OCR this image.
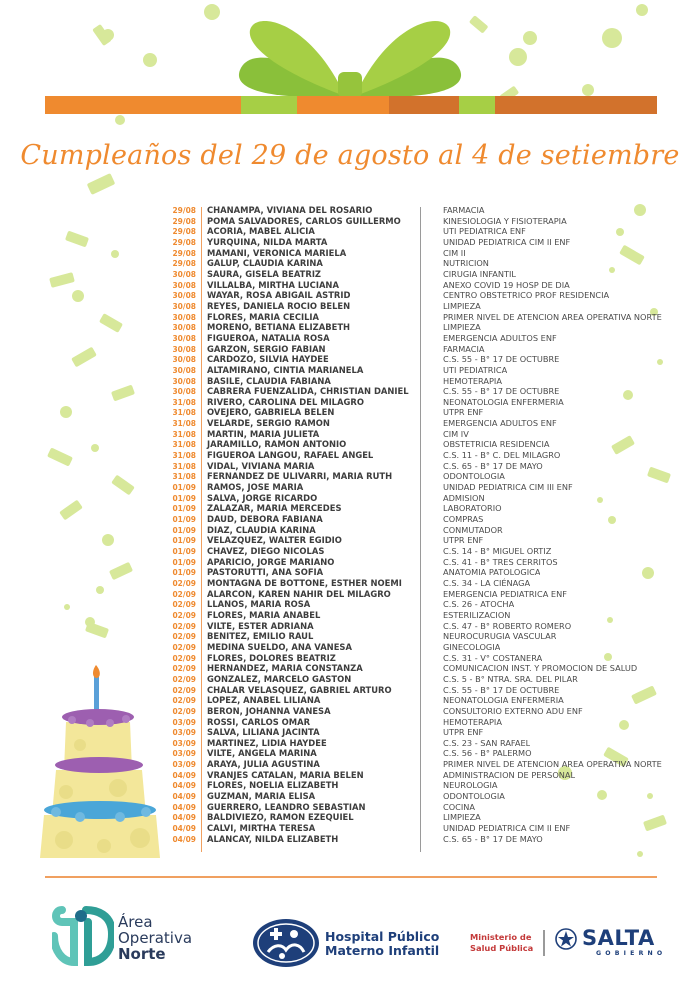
Cumpleaños del 29 de agosto al 4 de setiembre
29/08	CHANAMPA, VIVIANA DEL ROSARIO	FARMACIA
29/08	POMA SALVADORES, CARLOS GUILLERMO	KINESIOLOGIA Y FISIOTERAPIA
29/08	ACORIA, MABEL ALICIA	UTI PEDIATRICA ENF
29/08	YURQUINA, NILDA MARTA	UNIDAD PEDIATRICA CIM II ENF
29/08	MAMANI, VERONICA MARIELA	CIM II
29/08	GALUP, CLAUDIA KARINA	NUTRICION
30/08	SAURA, GISELA BEATRIZ	CIRUGIA INFANTIL
30/08	VILLALBA, MIRTHA LUCIANA	ANEXO COVID 19 HOSP DE DIA
30/08	WAYAR, ROSA ABIGAIL ASTRID	CENTRO OBSTETRICO PROF RESIDENCIA
30/08	REYES, DANIELA ROCIO BELEN	LIMPIEZA
30/08	FLORES, MARIA CECILIA	PRIMER NIVEL DE ATENCION AREA OPERATIVA NORTE
30/08	MORENO, BETIANA ELIZABETH	LIMPIEZA
30/08	FIGUEROA, NATALIA ROSA	EMERGENCIA ADULTOS ENF
30/08	GARZON, SERGIO FABIAN	FARMACIA
30/08	CARDOZO, SILVIA HAYDEE	C.S. 55 - B° 17 DE OCTUBRE
30/08	ALTAMIRANO, CINTIA MARIANELA	UTI PEDIATRICA
30/08	BASILE, CLAUDIA FABIANA	HEMOTERAPIA
30/08	CABRERA FUENZALIDA, CHRISTIAN DANIEL	C.S. 55 - B° 17 DE OCTUBRE
31/08	RIVERO, CAROLINA DEL MILAGRO	NEONATOLOGIA ENFERMERIA
31/08	OVEJERO, GABRIELA BELEN	UTPR ENF
31/08	VELARDE, SERGIO RAMON	EMERGENCIA ADULTOS ENF
31/08	MARTIN, MARIA JULIETA	CIM IV
31/08	JARAMILLO, RAMON ANTONIO	OBSTETRICIA RESIDENCIA
31/08	FIGUEROA LANGOU, RAFAEL ANGEL	C.S. 11 - B° C. DEL MILAGRO
31/08	VIDAL, VIVIANA MARIA	C.S. 65 - B° 17 DE MAYO
31/08	FERNANDEZ DE ULIVARRI, MARIA RUTH	ODONTOLOGIA
01/09	RAMOS, JOSE MARIA	UNIDAD PEDIATRICA CIM III ENF
01/09	SALVA, JORGE RICARDO	ADMISION
01/09	ZALAZAR, MARIA MERCEDES	LABORATORIO
01/09	DAUD, DEBORA FABIANA	COMPRAS
01/09	DIAZ, CLAUDIA KARINA	CONMUTADOR
01/09	VELAZQUEZ, WALTER EGIDIO	UTPR ENF
01/09	CHAVEZ, DIEGO NICOLAS	C.S. 14 - B° MIGUEL ORTIZ
01/09	APARICIO, JORGE MARIANO	C.S. 41 - B° TRES CERRITOS
01/09	PASTORUTTI, ANA SOFIA	ANATOMIA PATOLOGICA
02/09	MONTAGNA DE BOTTONE, ESTHER NOEMI	C.S. 34 - LA CIÉNAGA
02/09	ALARCON, KAREN NAHIR DEL MILAGRO	EMERGENCIA PEDIATRICA ENF
02/09	LLANOS, MARIA ROSA	C.S. 26 - ATOCHA
02/09	FLORES, MARIA ANABEL	ESTERILIZACION
02/09	VILTE, ESTER ADRIANA	C.S. 47 - B° ROBERTO ROMERO
02/09	BENITEZ, EMILIO RAUL	NEUROCURUGIA VASCULAR
02/09	MEDINA SUELDO, ANA VANESA	GINECOLOGIA
02/09	FLORES, DOLORES BEATRIZ	C.S. 31 - V° COSTANERA
02/09	HERNANDEZ, MARIA CONSTANZA	COMUNICACION INST. Y PROMOCION DE SALUD
02/09	GONZALEZ, MARCELO GASTON	C.S. 5 - B° NTRA. SRA. DEL PILAR
02/09	CHALAR VELASQUEZ, GABRIEL ARTURO	C.S. 55 - B° 17 DE OCTUBRE
02/09	LOPEZ, ANABEL LILIANA	NEONATOLOGIA ENFERMERIA
02/09	BERON, JOHANNA VANESA	CONSULTORIO EXTERNO ADU ENF
03/09	ROSSI, CARLOS OMAR	HEMOTERAPIA
03/09	SALVA, LILIANA JACINTA	UTPR ENF
03/09	MARTINEZ, LIDIA HAYDEE	C.S. 23 - SAN RAFAEL
03/09	VILTE, ANGELA MARINA	C.S. 56 - B° PALERMO
03/09	ARAYA, JULIA AGUSTINA	PRIMER NIVEL DE ATENCION AREA OPERATIVA NORTE
04/09	VRANJES CATALAN, MARIA BELEN	ADMINISTRACION DE PERSONAL
04/09	FLORES, NOELIA ELIZABETH	NEUROLOGIA
04/09	GUZMAN, MARIA ELISA	ODONTOLOGIA
04/09	GUERRERO, LEANDRO SEBASTIAN	COCINA
04/09	BALDIVIEZO, RAMON EZEQUIEL	LIMPIEZA
04/09	CALVI, MIRTHA TERESA	UNIDAD PEDIATRICA CIM II ENF
04/09	ALANCAY, NILDA ELIZABETH	C.S. 65 - B° 17 DE MAYO
Área
Operativa
Norte
Hospital Público
Materno Infantil
Ministerio de
Salud Pública SALTA
GOBIERNO
